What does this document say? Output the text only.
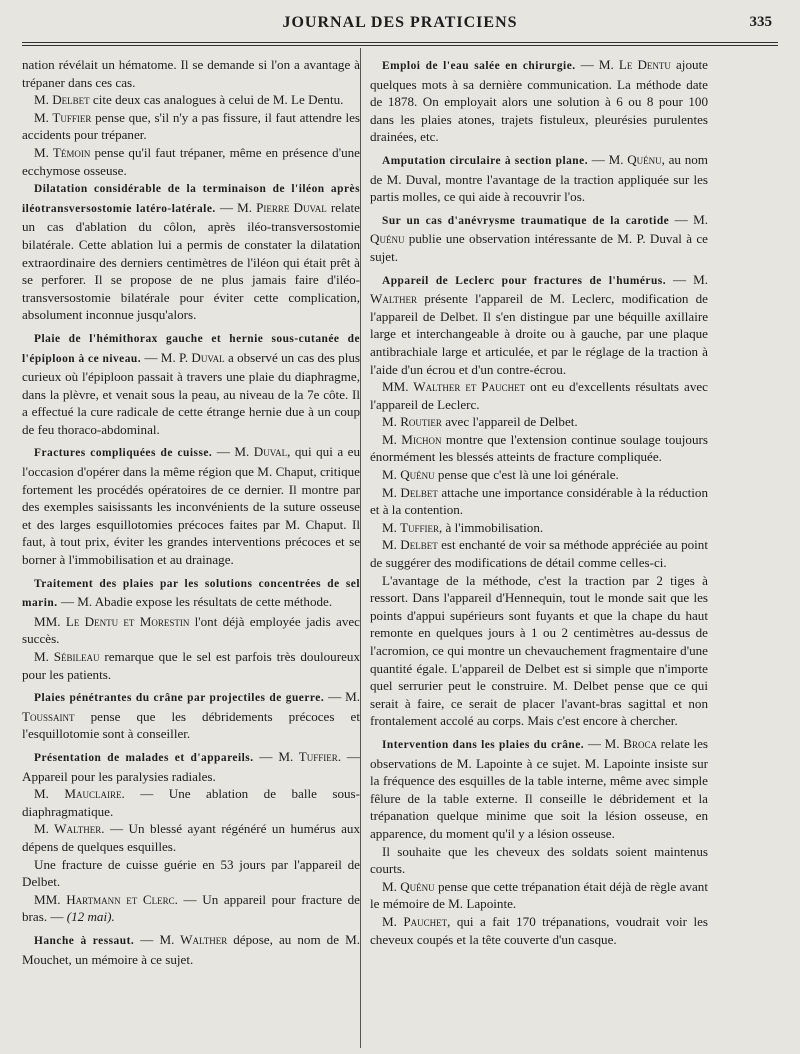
JOURNAL DES PRATICIENS	335

nation révélait un hématome. Il se demande si l'on a avantage à trépaner dans ces cas.

M. Delbet cite deux cas analogues à celui de M. Le Dentu.

M. Tuffier pense que, s'il n'y a pas fissure, il faut attendre les accidents pour trépaner.

M. Témoin pense qu'il faut trépaner, même en présence d'une ecchymose osseuse.

Dilatation considérable de la terminaison de l'iléon après iléotransversostomie latéro-latérale. — M. Pierre Duval relate un cas d'ablation du côlon, après iléo-transversostomie bilatérale. Cette ablation lui a permis de constater la dilatation extraordinaire des derniers centimètres de l'iléon qui était prêt à se perforer. Il se propose de ne plus jamais faire d'iléo-transversostomie bilatérale pour éviter cette complication, absolument inconnue jusqu'alors.

Plaie de l'hémithorax gauche et hernie sous-cutanée de l'épiploon à ce niveau. — M. P. Duval a observé un cas des plus curieux où l'épiploon passait à travers une plaie du diaphragme, dans la plèvre, et venait sous la peau, au niveau de la 7e côte. Il a effectué la cure radicale de cette étrange hernie due à un coup de feu thoraco-abdominal.

Fractures compliquées de cuisse. — M. Duval, qui qui a eu l'occasion d'opérer dans la même région que M. Chaput, critique fortement les procédés opératoires de ce dernier. Il montre par des exemples saisissants les inconvénients de la suture osseuse et des larges esquillotomies précoces faites par M. Chaput. Il faut, à tout prix, éviter les grandes interventions précoces et se borner à l'immobilisation et au drainage.

Traitement des plaies par les solutions concentrées de sel marin. — M. Abadie expose les résultats de cette méthode.

MM. Le Dentu et Morestin l'ont déjà employée jadis avec succès.

M. Sébileau remarque que le sel est parfois très douloureux pour les patients.

Plaies pénétrantes du crâne par projectiles de guerre. — M. Toussaint pense que les débridements précoces et l'esquillotomie sont à conseiller.

Présentation de malades et d'appareils. — M. Tuffier. — Appareil pour les paralysies radiales.

M. Mauclaire. — Une ablation de balle sous-diaphragmatique.

M. Walther. — Un blessé ayant régénéré un humérus aux dépens de quelques esquilles.

Une fracture de cuisse guérie en 53 jours par l'appareil de Delbet.

MM. Hartmann et Clerc. — Un appareil pour fracture de bras. — (12 mai).

Hanche à ressaut. — M. Walther dépose, au nom de M. Mouchet, un mémoire à ce sujet.

Emploi de l'eau salée en chirurgie. — M. Le Dentu ajoute quelques mots à sa dernière communication. La méthode date de 1878. On employait alors une solution à 6 ou 8 pour 100 dans les plaies atones, trajets fistuleux, pleurésies purulentes drainées, etc.

Amputation circulaire à section plane. — M. Quénu, au nom de M. Duval, montre l'avantage de la traction appliquée sur les partis molles, ce qui aide à recouvrir l'os.

Sur un cas d'anévrysme traumatique de la carotide — M. Quénu publie une observation intéressante de M. P. Duval à ce sujet.

Appareil de Leclerc pour fractures de l'humérus. — M. Walther présente l'appareil de M. Leclerc, modification de l'appareil de Delbet. Il s'en distingue par une béquille axillaire large et interchangeable à droite ou à gauche, par une plaque antibrachiale large et articulée, et par le réglage de la traction à l'aide d'un écrou et d'un contre-écrou.

MM. Walther et Pauchet ont eu d'excellents résultats avec l'appareil de Leclerc.

M. Routier avec l'appareil de Delbet.

M. Michon montre que l'extension continue soulage toujours énormément les blessés atteints de fracture compliquée.

M. Quénu pense que c'est là une loi générale.

M. Delbet attache une importance considérable à la réduction et à la contention.

M. Tuffier, à l'immobilisation.

M. Delbet est enchanté de voir sa méthode appréciée au point de suggérer des modifications de détail comme celles-ci.

L'avantage de la méthode, c'est la traction par 2 tiges à ressort. Dans l'appareil d'Hennequin, tout le monde sait que les points d'appui supérieurs sont fuyants et que la chape du haut remonte en quelques jours à 1 ou 2 centimètres au-dessus de l'acromion, ce qui montre un chevauchement fragmentaire d'une quantité égale. L'appareil de Delbet est si simple que n'importe quel serrurier peut le construire. M. Delbet pense que ce qui serait à faire, ce serait de placer l'avant-bras sagittal et non frontalement accolé au corps. Mais c'est encore à chercher.

Intervention dans les plaies du crâne. — M. Broca relate les observations de M. Lapointe à ce sujet. M. Lapointe insiste sur la fréquence des esquilles de la table interne, même avec simple fêlure de la table externe. Il conseille le débridement et la trépanation quelque minime que soit la lésion osseuse, en apparence, du moment qu'il y a lésion osseuse.

Il souhaite que les cheveux des soldats soient maintenus courts.

M. Quénu pense que cette trépanation était déjà de règle avant le mémoire de M. Lapointe.

M. Pauchet, qui a fait 170 trépanations, voudrait voir les cheveux coupés et la tête couverte d'un casque.
